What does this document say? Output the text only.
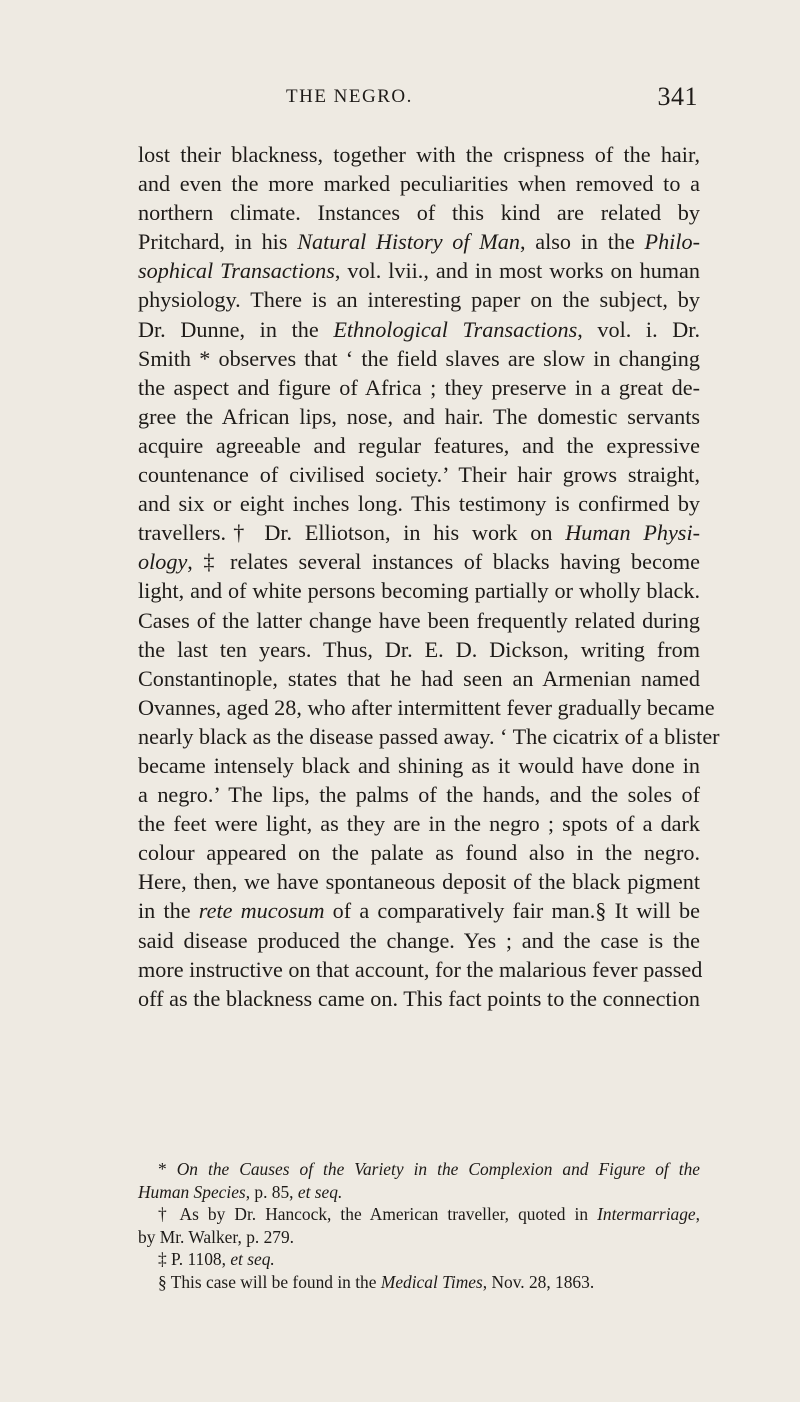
THE NEGRO.	341
lost their blackness, together with the crispness of the hair,
and even the more marked peculiarities when removed to a
northern climate. Instances of this kind are related by
Pritchard, in his Natural History of Man, also in the Philo-
sophical Transactions, vol. lvii., and in most works on human
physiology. There is an interesting paper on the subject, by
Dr. Dunne, in the Ethnological Transactions, vol. i. Dr.
Smith * observes that ‘ the field slaves are slow in changing
the aspect and figure of Africa ; they preserve in a great de-
gree the African lips, nose, and hair. The domestic servants
acquire agreeable and regular features, and the expressive
countenance of civilised society.’ Their hair grows straight,
and six or eight inches long. This testimony is confirmed by
travellers.† Dr. Elliotson, in his work on Human Physi-
ology, ‡ relates several instances of blacks having become
light, and of white persons becoming partially or wholly black.
Cases of the latter change have been frequently related during
the last ten years. Thus, Dr. E. D. Dickson, writing from
Constantinople, states that he had seen an Armenian named
Ovannes, aged 28, who after intermittent fever gradually became
nearly black as the disease passed away. ‘ The cicatrix of a blister
became intensely black and shining as it would have done in
a negro.’ The lips, the palms of the hands, and the soles of
the feet were light, as they are in the negro ; spots of a dark
colour appeared on the palate as found also in the negro.
Here, then, we have spontaneous deposit of the black pigment
in the rete mucosum of a comparatively fair man.§ It will be
said disease produced the change. Yes ; and the case is the
more instructive on that account, for the malarious fever passed
off as the blackness came on. This fact points to the connection
* On the Causes of the Variety in the Complexion and Figure of the
Human Species, p. 85, et seq.
† As by Dr. Hancock, the American traveller, quoted in Intermarriage,
by Mr. Walker, p. 279.
‡ P. 1108, et seq.
§ This case will be found in the Medical Times, Nov. 28, 1863.
